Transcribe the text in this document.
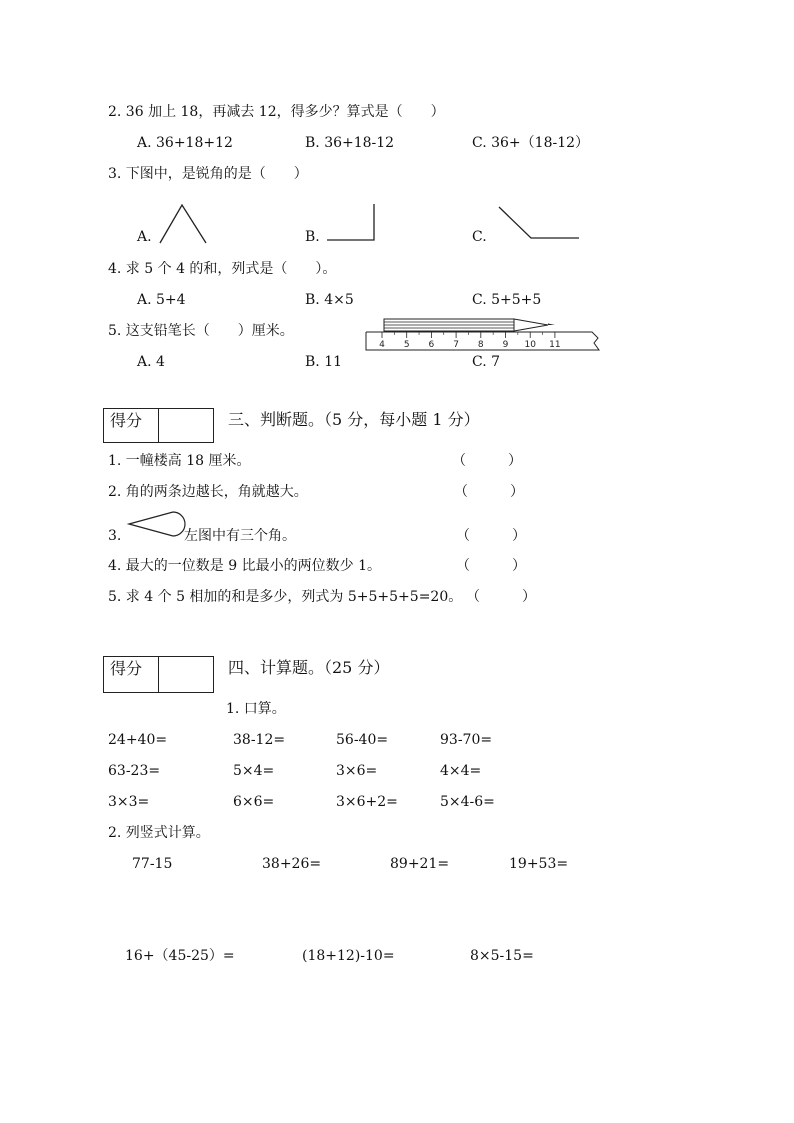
2. 36 加上 18，再减去 12，得多少？算式是（　　）
A. 36+18+12	B. 36+18-12	C. 36+（18-12）
3. 下图中，是锐角的是（　　）
A.	B.	C.
4. 求 5 个 4 的和，列式是（　　）。
A. 5+4	B. 4×5	C. 5+5+5
5. 这支铅笔长（　　）厘米。
A. 4	B. 11	C. 7
4 5 6 7 8 9 10 11
得分	三、判断题。（5 分，每小题 1 分）
1. 一幢楼高 18 厘米。	（　　　）
2. 角的两条边越长，角就越大。	（　　　）
3.	左图中有三个角。	（　　　）
4. 最大的一位数是 9 比最小的两位数少 1。	（　　　）
5. 求 4 个 5 相加的和是多少，列式为 5+5+5+5=20。 （　　　）
得分	四、计算题。（25 分）
1. 口算。
24+40=	38-12=	56-40=	93-70=
63-23=	5×4=	3×6=	4×4=
3×3=	6×6=	3×6+2=	5×4-6=
2. 列竖式计算。
77-15	38+26=	89+21=	19+53=
16+（45-25）=	(18+12)-10=	8×5-15=
